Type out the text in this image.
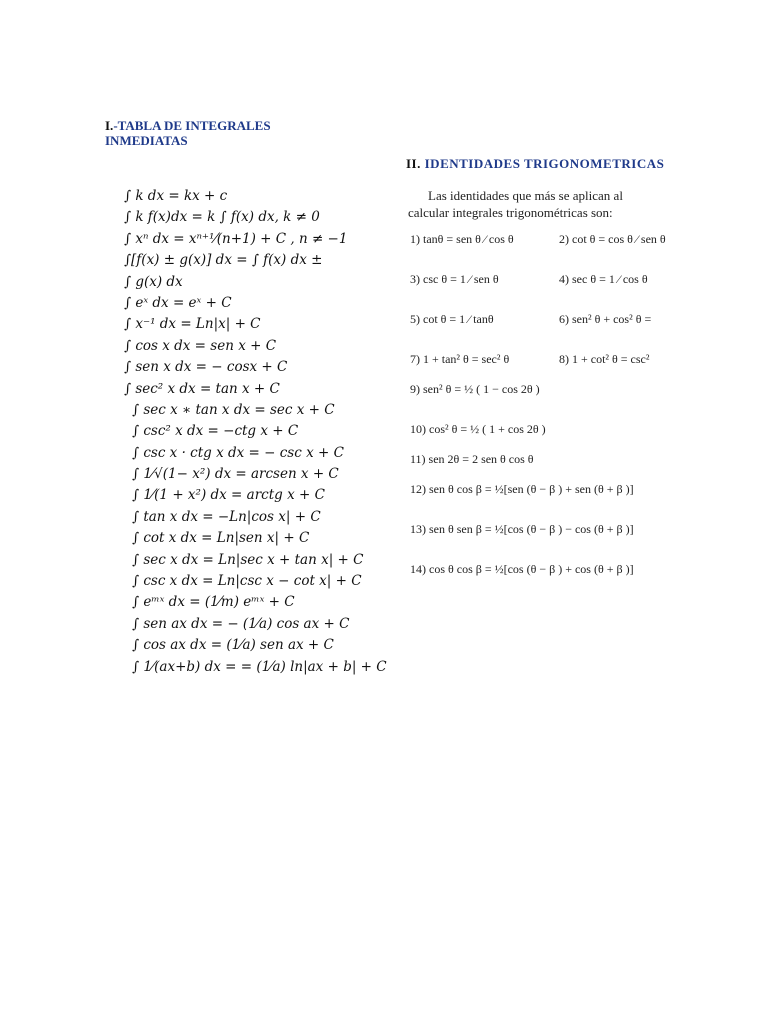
I.-TABLA DE INTEGRALES INMEDIATAS
∫ k dx = kx + c
∫ k f(x)dx = k ∫ f(x) dx, k ≠ 0
∫ xⁿ dx = xⁿ⁺¹⁄(n+1) + C , n ≠ −1
∫[f(x) ± g(x)] dx = ∫ f(x) dx ±
∫ g(x) dx
∫ eˣ dx = eˣ + C
∫ x⁻¹ dx = Ln|x| + C
∫ cos x dx = sen x + C
∫ sen x dx = − cosx + C
∫ sec² x dx = tan x + C
∫ sec x ∗ tan x dx = sec x + C
∫ csc² x dx = −ctg x + C
∫ csc x · ctg x dx = − csc x + C
∫ 1⁄√(1− x²) dx = arcsen x + C
∫ 1⁄(1 + x²) dx = arctg x + C
∫ tan x dx = −Ln|cos x| + C
∫ cot x dx = Ln|sen x| + C
∫ sec x dx = Ln|sec x + tan x| + C
∫ csc x dx = Ln|csc x − cot x| + C
∫ eᵐˣ dx = (1⁄m) eᵐˣ + C
∫ sen ax dx = − (1⁄a) cos ax + C
∫ cos ax dx = (1⁄a) sen ax + C
∫ 1⁄(ax+b) dx = = (1⁄a) ln|ax + b| + C
II. IDENTIDADES TRIGONOMETRICAS
Las identidades que más se aplican al
calcular integrales trigonométricas son:
1) tanθ = sen θ ⁄ cos θ	2) cot θ = cos θ ⁄ sen θ
3) csc θ = 1 ⁄ sen θ	4) sec θ = 1 ⁄ cos θ
5) cot θ = 1 ⁄ tanθ	6) sen² θ + cos² θ =
7) 1 + tan² θ = sec² θ	8) 1 + cot² θ = csc²
9) sen² θ = ½ ( 1 − cos 2θ )
10) cos² θ = ½ ( 1 + cos 2θ )
11) sen 2θ = 2 sen θ cos θ
12) sen θ cos β = ½[sen (θ − β ) + sen (θ + β )]
13) sen θ sen β = ½[cos (θ − β ) − cos (θ + β )]
14) cos θ cos β = ½[cos (θ − β ) + cos (θ + β )]
